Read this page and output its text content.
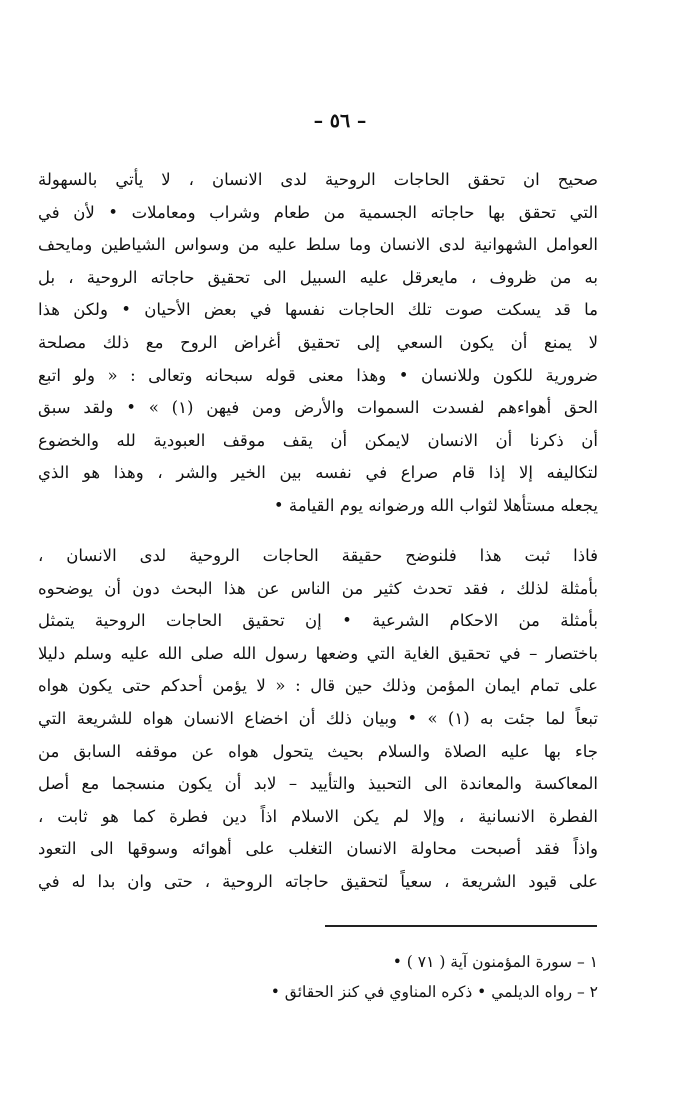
– ٥٦ –
صحيح ان تحقق الحاجات الروحية لدى الانسان ، لا يأتي بالسهولة
التي تحقق بها حاجاته الجسمية من طعام وشراب ومعاملات • لأن في
العوامل الشهوانية لدى الانسان وما سلط عليه من وسواس الشياطين ومايحف
به من ظروف ، مايعرقل عليه السبيل الى تحقيق حاجاته الروحية ، بل
ما قد يسكت صوت تلك الحاجات نفسها في بعض الأحيان • ولكن هذا
لا يمنع أن يكون السعي إلى تحقيق أغراض الروح مع ذلك مصلحة
ضرورية للكون وللانسان • وهذا معنى قوله سبحانه وتعالى : « ولو اتبع
الحق أهواءهم لفسدت السموات والأرض ومن فيهن (١) » • ولقد سبق
أن ذكرنا أن الانسان لايمكن أن يقف موقف العبودية لله والخضوع
لتكاليفه إلا إذا قام صراع في نفسه بين الخير والشر ، وهذا هو الذي
يجعله مستأهلا لثواب الله ورضوانه يوم القيامة •
فاذا ثبت هذا فلنوضح حقيقة الحاجات الروحية لدى الانسان ،
بأمثلة لذلك ، فقد تحدث كثير من الناس عن هذا البحث دون أن يوضحوه
بأمثلة من الاحكام الشرعية • إن تحقيق الحاجات الروحية يتمثل
باختصار – في تحقيق الغاية التي وضعها رسول الله صلى الله عليه وسلم دليلا
على تمام ايمان المؤمن وذلك حين قال : « لا يؤمن أحدكم حتى يكون هواه
تبعاً لما جئت به (١) » • وبيان ذلك أن اخضاع الانسان هواه للشريعة التي
جاء بها عليه الصلاة والسلام بحيث يتحول هواه عن موقفه السابق من
المعاكسة والمعاندة الى التحبيذ والتأييد – لابد أن يكون منسجما مع أصل
الفطرة الانسانية ، وإلا لم يكن الاسلام اذاً دين فطرة كما هو ثابت ،
واذاً فقد أصبحت محاولة الانسان التغلب على أهوائه وسوقها الى التعود
على قيود الشريعة ، سعياً لتحقيق حاجاته الروحية ، حتى وان بدا له في
١ – سورة المؤمنون آية ( ٧١ ) •
٢ – رواه الديلمي • ذكره المناوي في كنز الحقائق •
